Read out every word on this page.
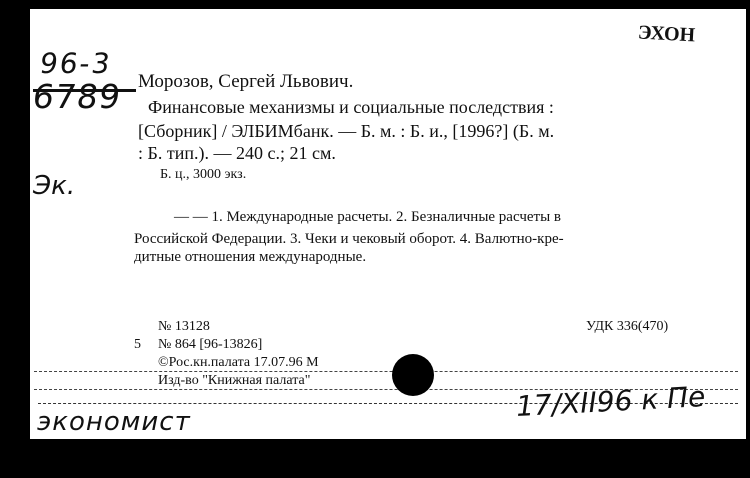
96-3
6789
ЭХОН
Эк.
Морозов, Сергей Львович.
Финансовые механизмы и социальные последствия :
[Сборник] / ЭЛБИМбанк. — Б. м. : Б. и., [1996?] (Б. м.
: Б. тип.). — 240 с.; 21 см.
Б. ц., 3000 экз.
— — 1. Международные расчеты. 2. Безналичные расчеты в
Российской Федерации. 3. Чеки и чековый оборот. 4. Валютно-кре-
дитные отношения международные.
№ 13128	УДК 336(470)
5 № 864 [96-13826]
©Рос.кн.палата 17.07.96 М
Изд-во "Книжная палата"
экономист	17/XII96 к Пе
